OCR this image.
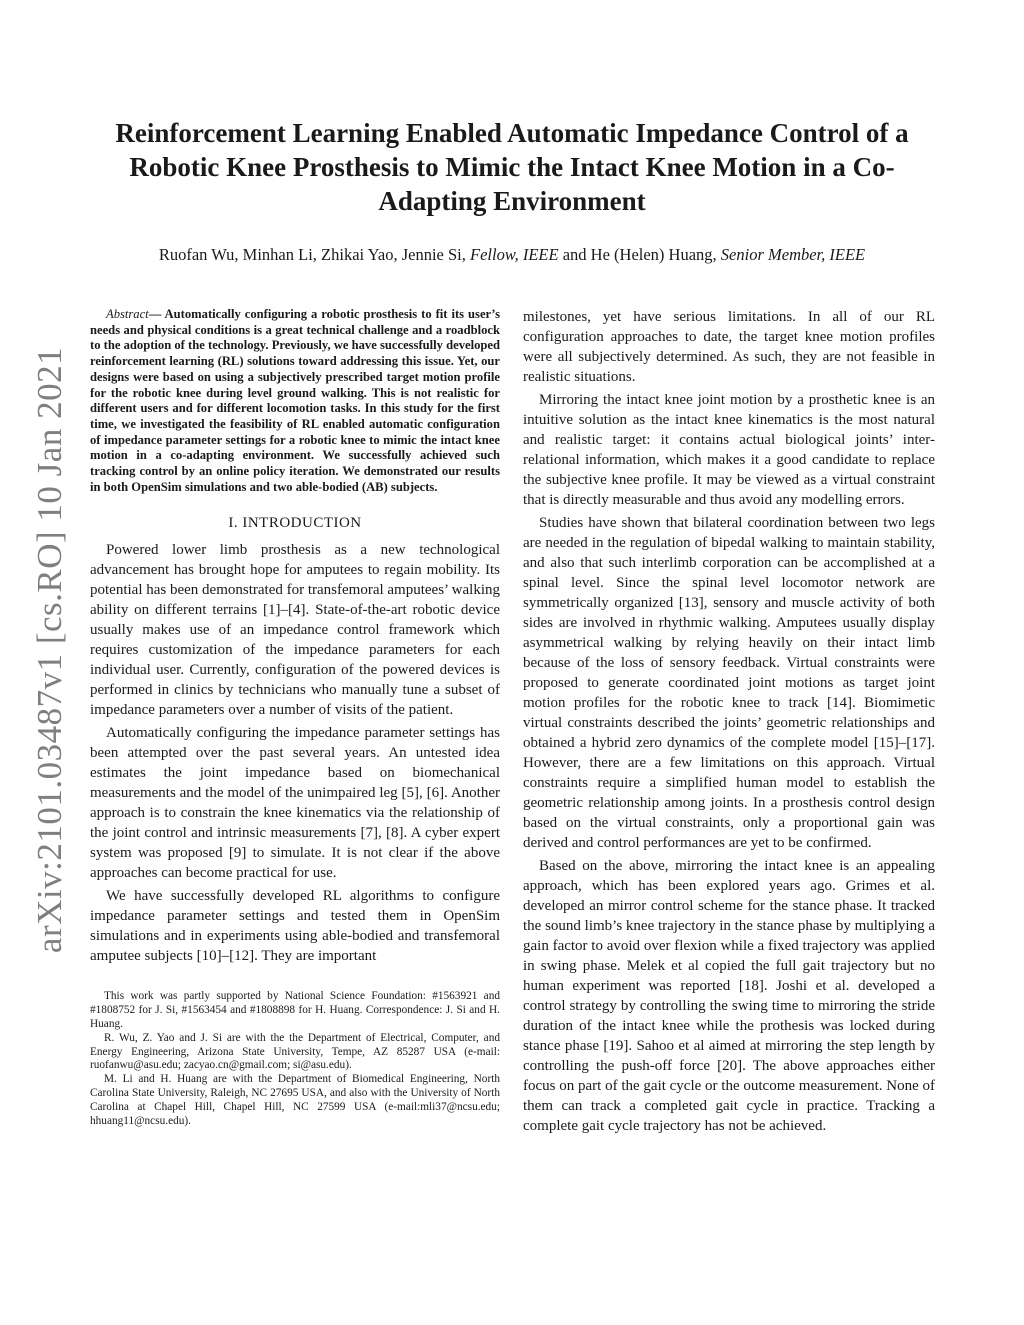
arXiv:2101.03487v1 [cs.RO] 10 Jan 2021
Reinforcement Learning Enabled Automatic Impedance Control of a Robotic Knee Prosthesis to Mimic the Intact Knee Motion in a Co-Adapting Environment
Ruofan Wu, Minhan Li, Zhikai Yao, Jennie Si, Fellow, IEEE and He (Helen) Huang, Senior Member, IEEE

Abstract— Automatically configuring a robotic prosthesis to fit its user’s needs and physical conditions is a great technical challenge and a roadblock to the adoption of the technology. Previously, we have successfully developed reinforcement learning (RL) solutions toward addressing this issue. Yet, our designs were based on using a subjectively prescribed target motion profile for the robotic knee during level ground walking. This is not realistic for different users and for different locomotion tasks. In this study for the first time, we investigated the feasibility of RL enabled automatic configuration of impedance parameter settings for a robotic knee to mimic the intact knee motion in a co-adapting environment. We successfully achieved such tracking control by an online policy iteration. We demonstrated our results in both OpenSim simulations and two able-bodied (AB) subjects.

I. INTRODUCTION

Powered lower limb prosthesis as a new technological advancement has brought hope for amputees to regain mobility. Its potential has been demonstrated for transfemoral amputees’ walking ability on different terrains [1]–[4]. State-of-the-art robotic device usually makes use of an impedance control framework which requires customization of the impedance parameters for each individual user. Currently, configuration of the powered devices is performed in clinics by technicians who manually tune a subset of impedance parameters over a number of visits of the patient.

Automatically configuring the impedance parameter settings has been attempted over the past several years. An untested idea estimates the joint impedance based on biomechanical measurements and the model of the unimpaired leg [5], [6]. Another approach is to constrain the knee kinematics via the relationship of the joint control and intrinsic measurements [7], [8]. A cyber expert system was proposed [9] to simulate. It is not clear if the above approaches can become practical for use.

We have successfully developed RL algorithms to configure impedance parameter settings and tested them in OpenSim simulations and in experiments using able-bodied and transfemoral amputee subjects [10]–[12]. They are important

This work was partly supported by National Science Foundation: #1563921 and #1808752 for J. Si, #1563454 and #1808898 for H. Huang. Correspondence: J. Si and H. Huang.

R. Wu, Z. Yao and J. Si are with the the Department of Electrical, Computer, and Energy Engineering, Arizona State University, Tempe, AZ 85287 USA (e-mail: ruofanwu@asu.edu; zacyao.cn@gmail.com; si@asu.edu).

M. Li and H. Huang are with the Department of Biomedical Engineering, North Carolina State University, Raleigh, NC 27695 USA, and also with the University of North Carolina at Chapel Hill, Chapel Hill, NC 27599 USA (e-mail:mli37@ncsu.edu; hhuang11@ncsu.edu).

milestones, yet have serious limitations. In all of our RL configuration approaches to date, the target knee motion profiles were all subjectively determined. As such, they are not feasible in realistic situations.

Mirroring the intact knee joint motion by a prosthetic knee is an intuitive solution as the intact knee kinematics is the most natural and realistic target: it contains actual biological joints’ inter-relational information, which makes it a good candidate to replace the subjective knee profile. It may be viewed as a virtual constraint that is directly measurable and thus avoid any modelling errors.

Studies have shown that bilateral coordination between two legs are needed in the regulation of bipedal walking to maintain stability, and also that such interlimb corporation can be accomplished at a spinal level. Since the spinal level locomotor network are symmetrically organized [13], sensory and muscle activity of both sides are involved in rhythmic walking. Amputees usually display asymmetrical walking by relying heavily on their intact limb because of the loss of sensory feedback. Virtual constraints were proposed to generate coordinated joint motions as target joint motion profiles for the robotic knee to track [14]. Biomimetic virtual constraints described the joints’ geometric relationships and obtained a hybrid zero dynamics of the complete model [15]–[17]. However, there are a few limitations on this approach. Virtual constraints require a simplified human model to establish the geometric relationship among joints. In a prosthesis control design based on the virtual constraints, only a proportional gain was derived and control performances are yet to be confirmed.

Based on the above, mirroring the intact knee is an appealing approach, which has been explored years ago. Grimes et al. developed an mirror control scheme for the stance phase. It tracked the sound limb’s knee trajectory in the stance phase by multiplying a gain factor to avoid over flexion while a fixed trajectory was applied in swing phase. Melek et al copied the full gait trajectory but no human experiment was reported [18]. Joshi et al. developed a control strategy by controlling the swing time to mirroring the stride duration of the intact knee while the prothesis was locked during stance phase [19]. Sahoo et al aimed at mirroring the step length by controlling the push-off force [20]. The above approaches either focus on part of the gait cycle or the outcome measurement. None of them can track a completed gait cycle in practice. Tracking a complete gait cycle trajectory has not be achieved.
